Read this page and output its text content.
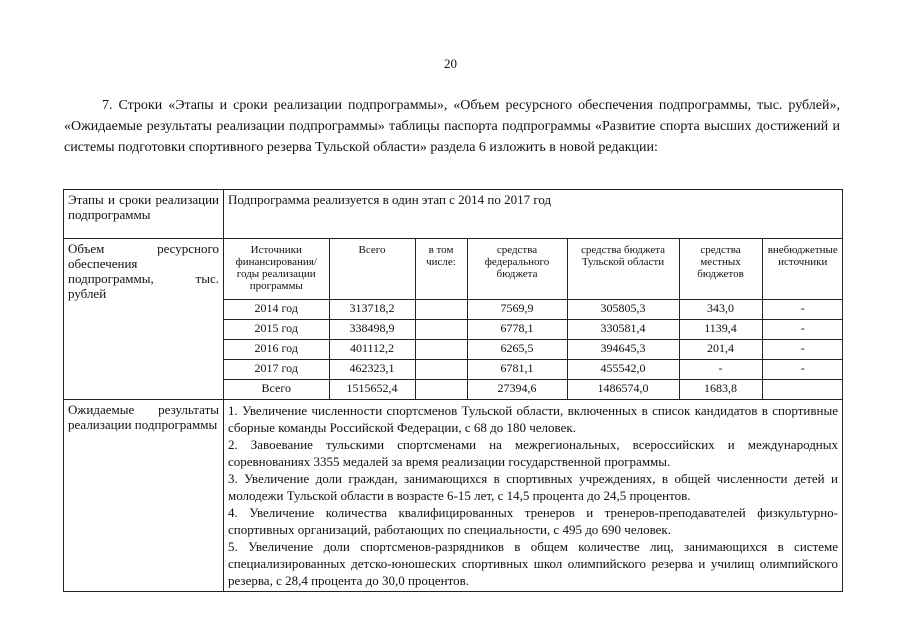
20

7. Строки «Этапы и сроки реализации подпрограммы», «Объем ресурсного обеспечения подпрограммы, тыс. рублей», «Ожидаемые результаты реализации подпрограммы» таблицы паспорта подпрограммы «Развитие спорта высших достижений и системы подготовки спортивного резерва Тульской области» раздела 6 изложить в новой редакции:

Этапы и сроки реализации подпрограммы	Подпрограмма реализуется в один этап с 2014 по 2017 год
Объем ресурсного обеспечения подпрограммы, тыс. рублей	
Источники финансирования/ годы реализации программы	Всего	в том числе:	средства федерального бюджета	средства бюджета Тульской области	средства местных бюджетов	внебюджетные источники
2014 год	313718,2		7569,9	305805,3	343,0	-
2015 год	338498,9		6778,1	330581,4	1139,4	-
2016 год	401112,2		6265,5	394645,3	201,4	-
2017 год	462323,1		6781,1	455542,0	-	-
Всего	1515652,4		27394,6	1486574,0	1683,8	

Ожидаемые результаты реализации подпрограммы	

1. Увеличение численности спортсменов Тульской области, включенных в список кандидатов в спортивные сборные команды Российской Федерации, с 68 до 180 человек.

2. Завоевание тульскими спортсменами на межрегиональных, всероссийских и международных соревнованиях 3355 медалей за время реализации государственной программы.

3. Увеличение доли граждан, занимающихся в спортивных учреждениях, в общей численности детей и молодежи Тульской области в возрасте 6-15 лет, с 14,5 процента до 24,5 процентов.

4. Увеличение количества квалифицированных тренеров и тренеров-преподавателей физкультурно-спортивных организаций, работающих по специальности, с 495 до 690 человек.

5. Увеличение доли спортсменов-разрядников в общем количестве лиц, занимающихся в системе специализированных детско-юношеских спортивных школ олимпийского резерва и училищ олимпийского резерва, с 28,4 процента до 30,0 процентов.
